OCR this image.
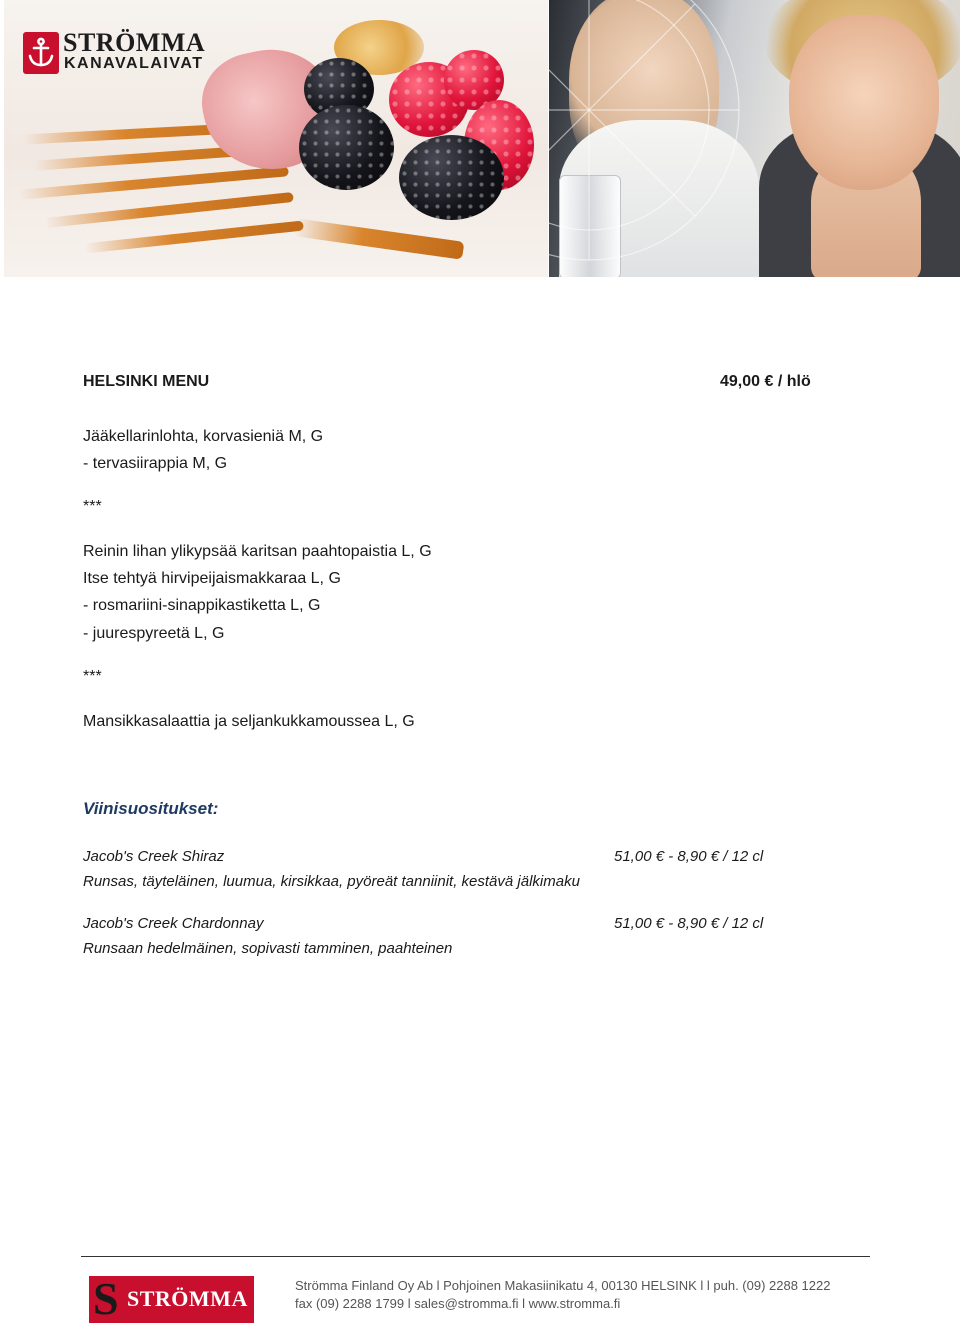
STRÖMMA
KANAVALAIVAT
HELSINKI MENU	49,00 € / hlö
Jääkellarinlohta, korvasieniä M, G
- tervasiirappia M, G
***
Reinin lihan ylikypsää karitsan paahtopaistia L, G
Itse tehtyä hirvipeijaismakkaraa L, G
- rosmariini-sinappikastiketta L, G
- juurespyreetä L, G
***
Mansikkasalaattia ja seljankukkamoussea L, G
Viinisuositukset:
Jacob's Creek Shiraz	51,00 € - 8,90 € / 12 cl
Runsas, täyteläinen, luumua, kirsikkaa, pyöreät tanniinit, kestävä jälkimaku
Jacob's Creek Chardonnay	51,00 € - 8,90 € / 12 cl
Runsaan hedelmäinen, sopivasti tamminen, paahteinen
S STRÖMMA
Strömma Finland Oy Ab l Pohjoinen Makasiinikatu 4, 00130 HELSINK l l puh. (09) 2288 1222
fax (09) 2288 1799 l sales@stromma.fi l www.stromma.fi
